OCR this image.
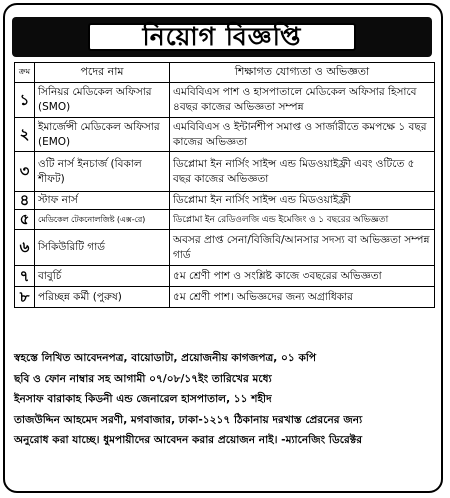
নিয়োগ বিজ্ঞপ্তি
ক্রম	পদের নাম	শিক্ষাগত যোগ্যতা ও অভিজ্ঞতা
১	সিনিয়র মেডিকেল অফিসার (SMO)	এমবিবিএস পাশ ও হাসপাতালে মেডিকেল অফিসার হিসাবে ৪বছর কাজের অভিজ্ঞতা সম্পন্ন
২	ইমার্জেন্সী মেডিকেল অফিসার (EMO)	এমবিবিএস ও ইন্টার্নশীপ সমাপ্ত ও সার্জারীতে কমপক্ষে ১ বছর কাজের অভিজ্ঞতা
৩	ওটি নার্স ইনচার্জ (বিকাল শীফট)	ডিপ্লোমা ইন নার্সিং সাইন্স এন্ড মিডওয়াইফ্রী এবং ওটিতে ৫ বছর কাজের অভিজ্ঞতা
৪	স্টাফ নার্স	ডিপ্লোমা ইন নার্সিং সাইন্স এন্ড মিডওয়াইফ্রী
৫	মেডিকেল টেকনোলজিষ্ট (এক্স-রে)	ডিপ্লোমা ইন রেডিওলজি এন্ড ইমেজিং ও ১ বছরের অভিজ্ঞতা
৬	সিকিউরিটি গার্ড	অবসর প্রাপ্ত সেনা/বিজিবি/আনসার সদস্য বা অভিজ্ঞতা সম্পন্ন গার্ড
৭	বাবুর্চি	৫ম শ্রেণী পাশ ও সংশ্লিষ্ট কাজে ৩বছরের অভিজ্ঞতা
৮	পরিচ্ছন্ন কর্মী (পুরুষ)	৫ম শ্রেণী পাশ। অভিজ্ঞদের জন্য অগ্রাধিকার
স্বহস্তে লিখিত আবেদনপত্র, বায়োডাটা, প্রয়োজনীয় কাগজপত্র, ০১ কপি
ছবি ও ফোন নাম্বার সহ আগামী ০৭/০৮/১৭ইং তারিখের মধ্যে
ইনসাফ বারাকাহ কিডনী এন্ড জেনারেল হাসপাতাল, ১১ শহীদ
তাজউদ্দিন আহমেদ সরণী, মগবাজার, ঢাকা-১২১৭ ঠিকানায় দরখাস্ত প্রেরনের জন্য
অনুরোধ করা যাচ্ছে। ধুমপায়ীদের আবেদন করার প্রয়োজন নাই। -ম্যানেজিং ডিরেক্টর
